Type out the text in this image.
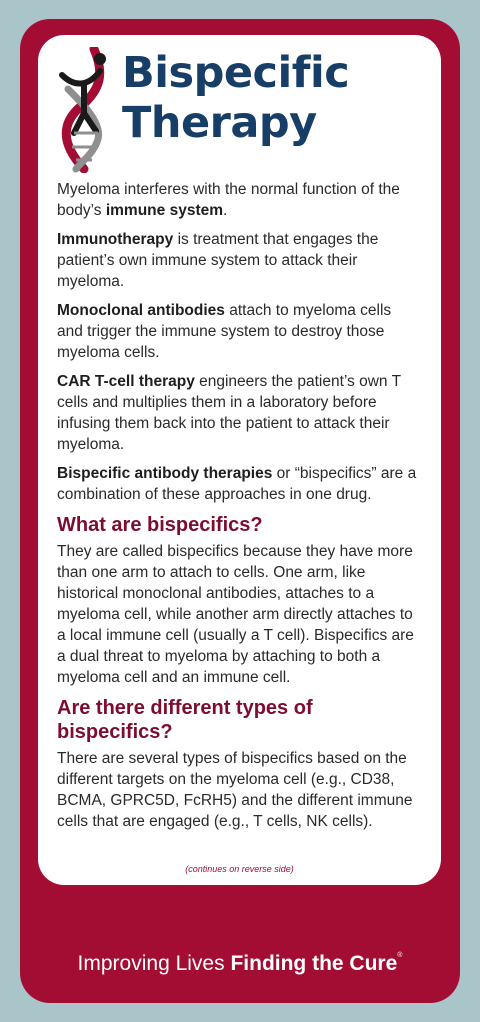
Bispecific
Therapy

Myeloma interferes with the normal function of the body’s immune system.

Immunotherapy is treatment that engages the patient’s own immune system to attack their myeloma.

Monoclonal antibodies attach to myeloma cells and trigger the immune system to destroy those myeloma cells.

CAR T-cell therapy engineers the patient’s own T cells and multiplies them in a laboratory before infusing them back into the patient to attack their myeloma.

Bispecific antibody therapies or “bispecifics” are a combination of these approaches in one drug.

What are bispecifics?

They are called bispecifics because they have more than one arm to attach to cells. One arm, like historical monoclonal antibodies, attaches to a myeloma cell, while another arm directly attaches to a local immune cell (usually a T cell). Bispecifics are a dual threat to myeloma by attaching to both a myeloma cell and an immune cell.

Are there different types of bispecifics?

There are several types of bispecifics based on the different targets on the myeloma cell (e.g., CD38, BCMA, GPRC5D, FcRH5) and the different immune cells that are engaged (e.g., T cells, NK cells).

(continues on reverse side)
Improving Lives Finding the Cure®
